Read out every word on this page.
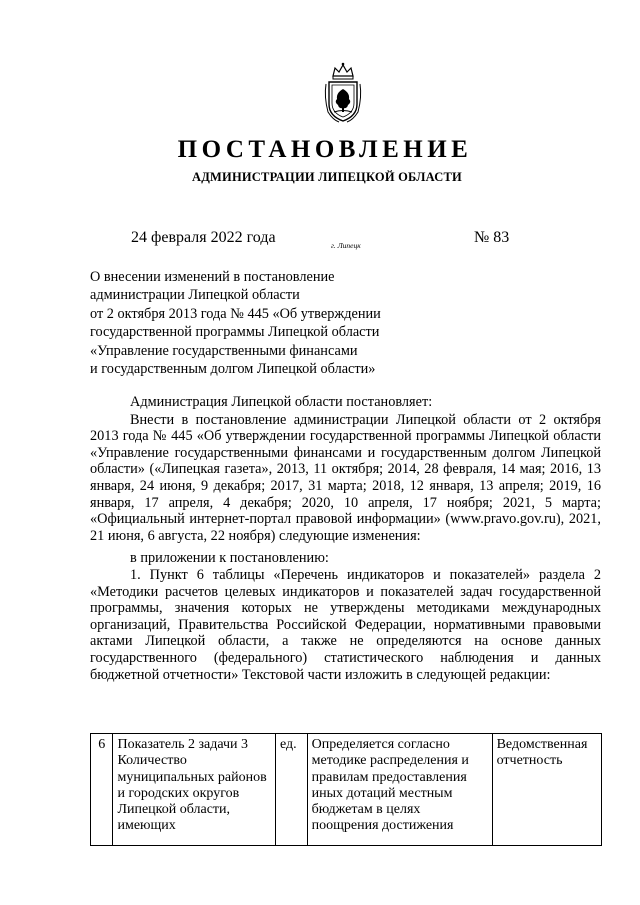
ПОСТАНОВЛЕНИЕ
АДМИНИСТРАЦИИ ЛИПЕЦКОЙ ОБЛАСТИ
24 февраля 2022 года	г. Липецк	№ 83
О внесении изменений в постановление
администрации Липецкой области
от 2 октября 2013 года № 445 «Об утверждении
государственной программы Липецкой области
«Управление государственными финансами
и государственным долгом Липецкой области»

Администрация Липецкой области постановляет:

Внести в постановление администрации Липецкой области от 2 октября 2013 года № 445 «Об утверждении государственной программы Липецкой области «Управление государственными финансами и государственным долгом Липецкой области» («Липецкая газета», 2013, 11 октября; 2014, 28 февраля, 14 мая; 2016, 13 января, 24 июня, 9 декабря; 2017, 31 марта; 2018, 12 января, 13 апреля; 2019, 16 января, 17 апреля, 4 декабря; 2020, 10 апреля, 17 ноября; 2021, 5 марта; «Официальный интернет-портал правовой информации» (www.pravo.gov.ru), 2021, 21 июня, 6 августа, 22 ноября) следующие изменения:

в приложении к постановлению:

1. Пункт 6 таблицы «Перечень индикаторов и показателей» раздела 2 «Методики расчетов целевых индикаторов и показателей задач государственной программы, значения которых не утверждены методиками международных организаций, Правительства Российской Федерации, нормативными правовыми актами Липецкой области, а также не определяются на основе данных государственного (федерального) статистического наблюдения и данных бюджетной отчетности» Текстовой части изложить в следующей редакции:

6	Показатель 2 задачи 3 Количество муниципальных районов и городских округов Липецкой области, имеющих	ед.	Определяется согласно методике распределения и правилам предоставления иных дотаций местным бюджетам в целях поощрения достижения	Ведомственная отчетность
